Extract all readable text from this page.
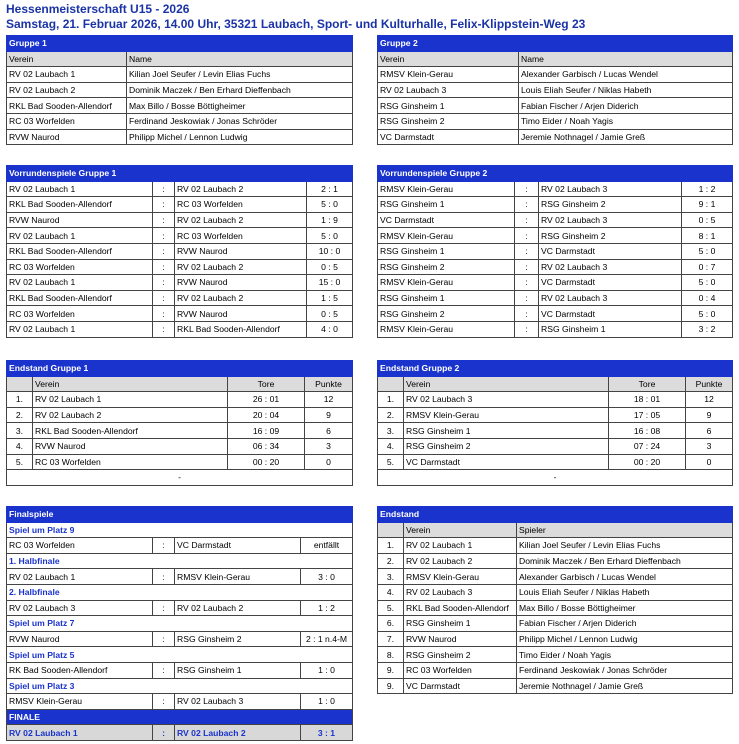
Hessenmeisterschaft U15 - 2026
Samstag, 21. Februar 2026, 14.00 Uhr, 35321 Laubach, Sport- und Kulturhalle, Felix-Klippstein-Weg 23
Gruppe 1	
Verein	Name
RV 02 Laubach 1	Kilian Joel Seufer / Levin Elias Fuchs
RV 02 Laubach 2	Dominik Maczek / Ben Erhard Dieffenbach
RKL Bad Sooden-Allendorf	Max Billo / Bosse Böttigheimer
RC 03 Worfelden	Ferdinand Jeskowiak / Jonas Schröder
RVW Naurod	Philipp Michel / Lennon Ludwig
Gruppe 2	
Verein	Name
RMSV Klein-Gerau	Alexander Garbisch / Lucas Wendel
RV 02 Laubach 3	Louis Eliah Seufer / Niklas Habeth
RSG Ginsheim 1	Fabian Fischer / Arjen Diderich
RSG Ginsheim 2	Timo Eider / Noah Yagis
VC Darmstadt	Jeremie Nothnagel / Jamie Greß
Vorrundenspiele Gruppe 1			
RV 02 Laubach 1	:	RV 02 Laubach 2	2 : 1
RKL Bad Sooden-Allendorf	:	RC 03 Worfelden	5 : 0
RVW Naurod	:	RV 02 Laubach 2	1 : 9
RV 02 Laubach 1	:	RC 03 Worfelden	5 : 0
RKL Bad Sooden-Allendorf	:	RVW Naurod	10 : 0
RC 03 Worfelden	:	RV 02 Laubach 2	0 : 5
RV 02 Laubach 1	:	RVW Naurod	15 : 0
RKL Bad Sooden-Allendorf	:	RV 02 Laubach 2	1 : 5
RC 03 Worfelden	:	RVW Naurod	0 : 5
RV 02 Laubach 1	:	RKL Bad Sooden-Allendorf	4 : 0
Vorrundenspiele Gruppe 2			
RMSV Klein-Gerau	:	RV 02 Laubach 3	1 : 2
RSG Ginsheim 1	:	RSG Ginsheim 2	9 : 1
VC Darmstadt	:	RV 02 Laubach 3	0 : 5
RMSV Klein-Gerau	:	RSG Ginsheim 2	8 : 1
RSG Ginsheim 1	:	VC Darmstadt	5 : 0
RSG Ginsheim 2	:	RV 02 Laubach 3	0 : 7
RMSV Klein-Gerau	:	VC Darmstadt	5 : 0
RSG Ginsheim 1	:	RV 02 Laubach 3	0 : 4
RSG Ginsheim 2	:	VC Darmstadt	5 : 0
RMSV Klein-Gerau	:	RSG Ginsheim 1	3 : 2
Endstand Gruppe 1			
	Verein	Tore	Punkte
1.	RV 02 Laubach 1	26 : 01	12
2.	RV 02 Laubach 2	20 : 04	9
3.	RKL Bad Sooden-Allendorf	16 : 09	6
4.	RVW Naurod	06 : 34	3
5.	RC 03 Worfelden	00 : 20	0
-			
Endstand Gruppe 2			
	Verein	Tore	Punkte
1.	RV 02 Laubach 3	18 : 01	12
2.	RMSV Klein-Gerau	17 : 05	9
3.	RSG Ginsheim 1	16 : 08	6
4.	RSG Ginsheim 2	07 : 24	3
5.	VC Darmstadt	00 : 20	0
-			
Finalspiele			
Spiel um Platz 9			
RC 03 Worfelden	:	VC Darmstadt	entfällt
1. Halbfinale			
RV 02 Laubach 1	:	RMSV Klein-Gerau	3 : 0
2. Halbfinale			
RV 02 Laubach 3	:	RV 02 Laubach 2	1 : 2
Spiel um Platz 7			
RVW Naurod	:	RSG Ginsheim 2	2 : 1 n.4-M
Spiel um Platz 5			
RK Bad Sooden-Allendorf	:	RSG Ginsheim 1	1 : 0
Spiel um Platz 3			
RMSV Klein-Gerau	:	RV 02 Laubach 3	1 : 0
FINALE			
RV 02 Laubach 1	:	RV 02 Laubach 2	3 : 1
Endstand		
	Verein	Spieler
1.	RV 02 Laubach 1	Kilian Joel Seufer / Levin Elias Fuchs
2.	RV 02 Laubach 2	Dominik Maczek / Ben Erhard Dieffenbach
3.	RMSV Klein-Gerau	Alexander Garbisch / Lucas Wendel
4.	RV 02 Laubach 3	Louis Eliah Seufer / Niklas Habeth
5.	RKL Bad Sooden-Allendorf	Max Billo / Bosse Böttigheimer
6.	RSG Ginsheim 1	Fabian Fischer / Arjen Diderich
7.	RVW Naurod	Philipp Michel / Lennon Ludwig
8.	RSG Ginsheim 2	Timo Eider / Noah Yagis
9.	RC 03 Worfelden	Ferdinand Jeskowiak / Jonas Schröder
9.	VC Darmstadt	Jeremie Nothnagel / Jamie Greß
